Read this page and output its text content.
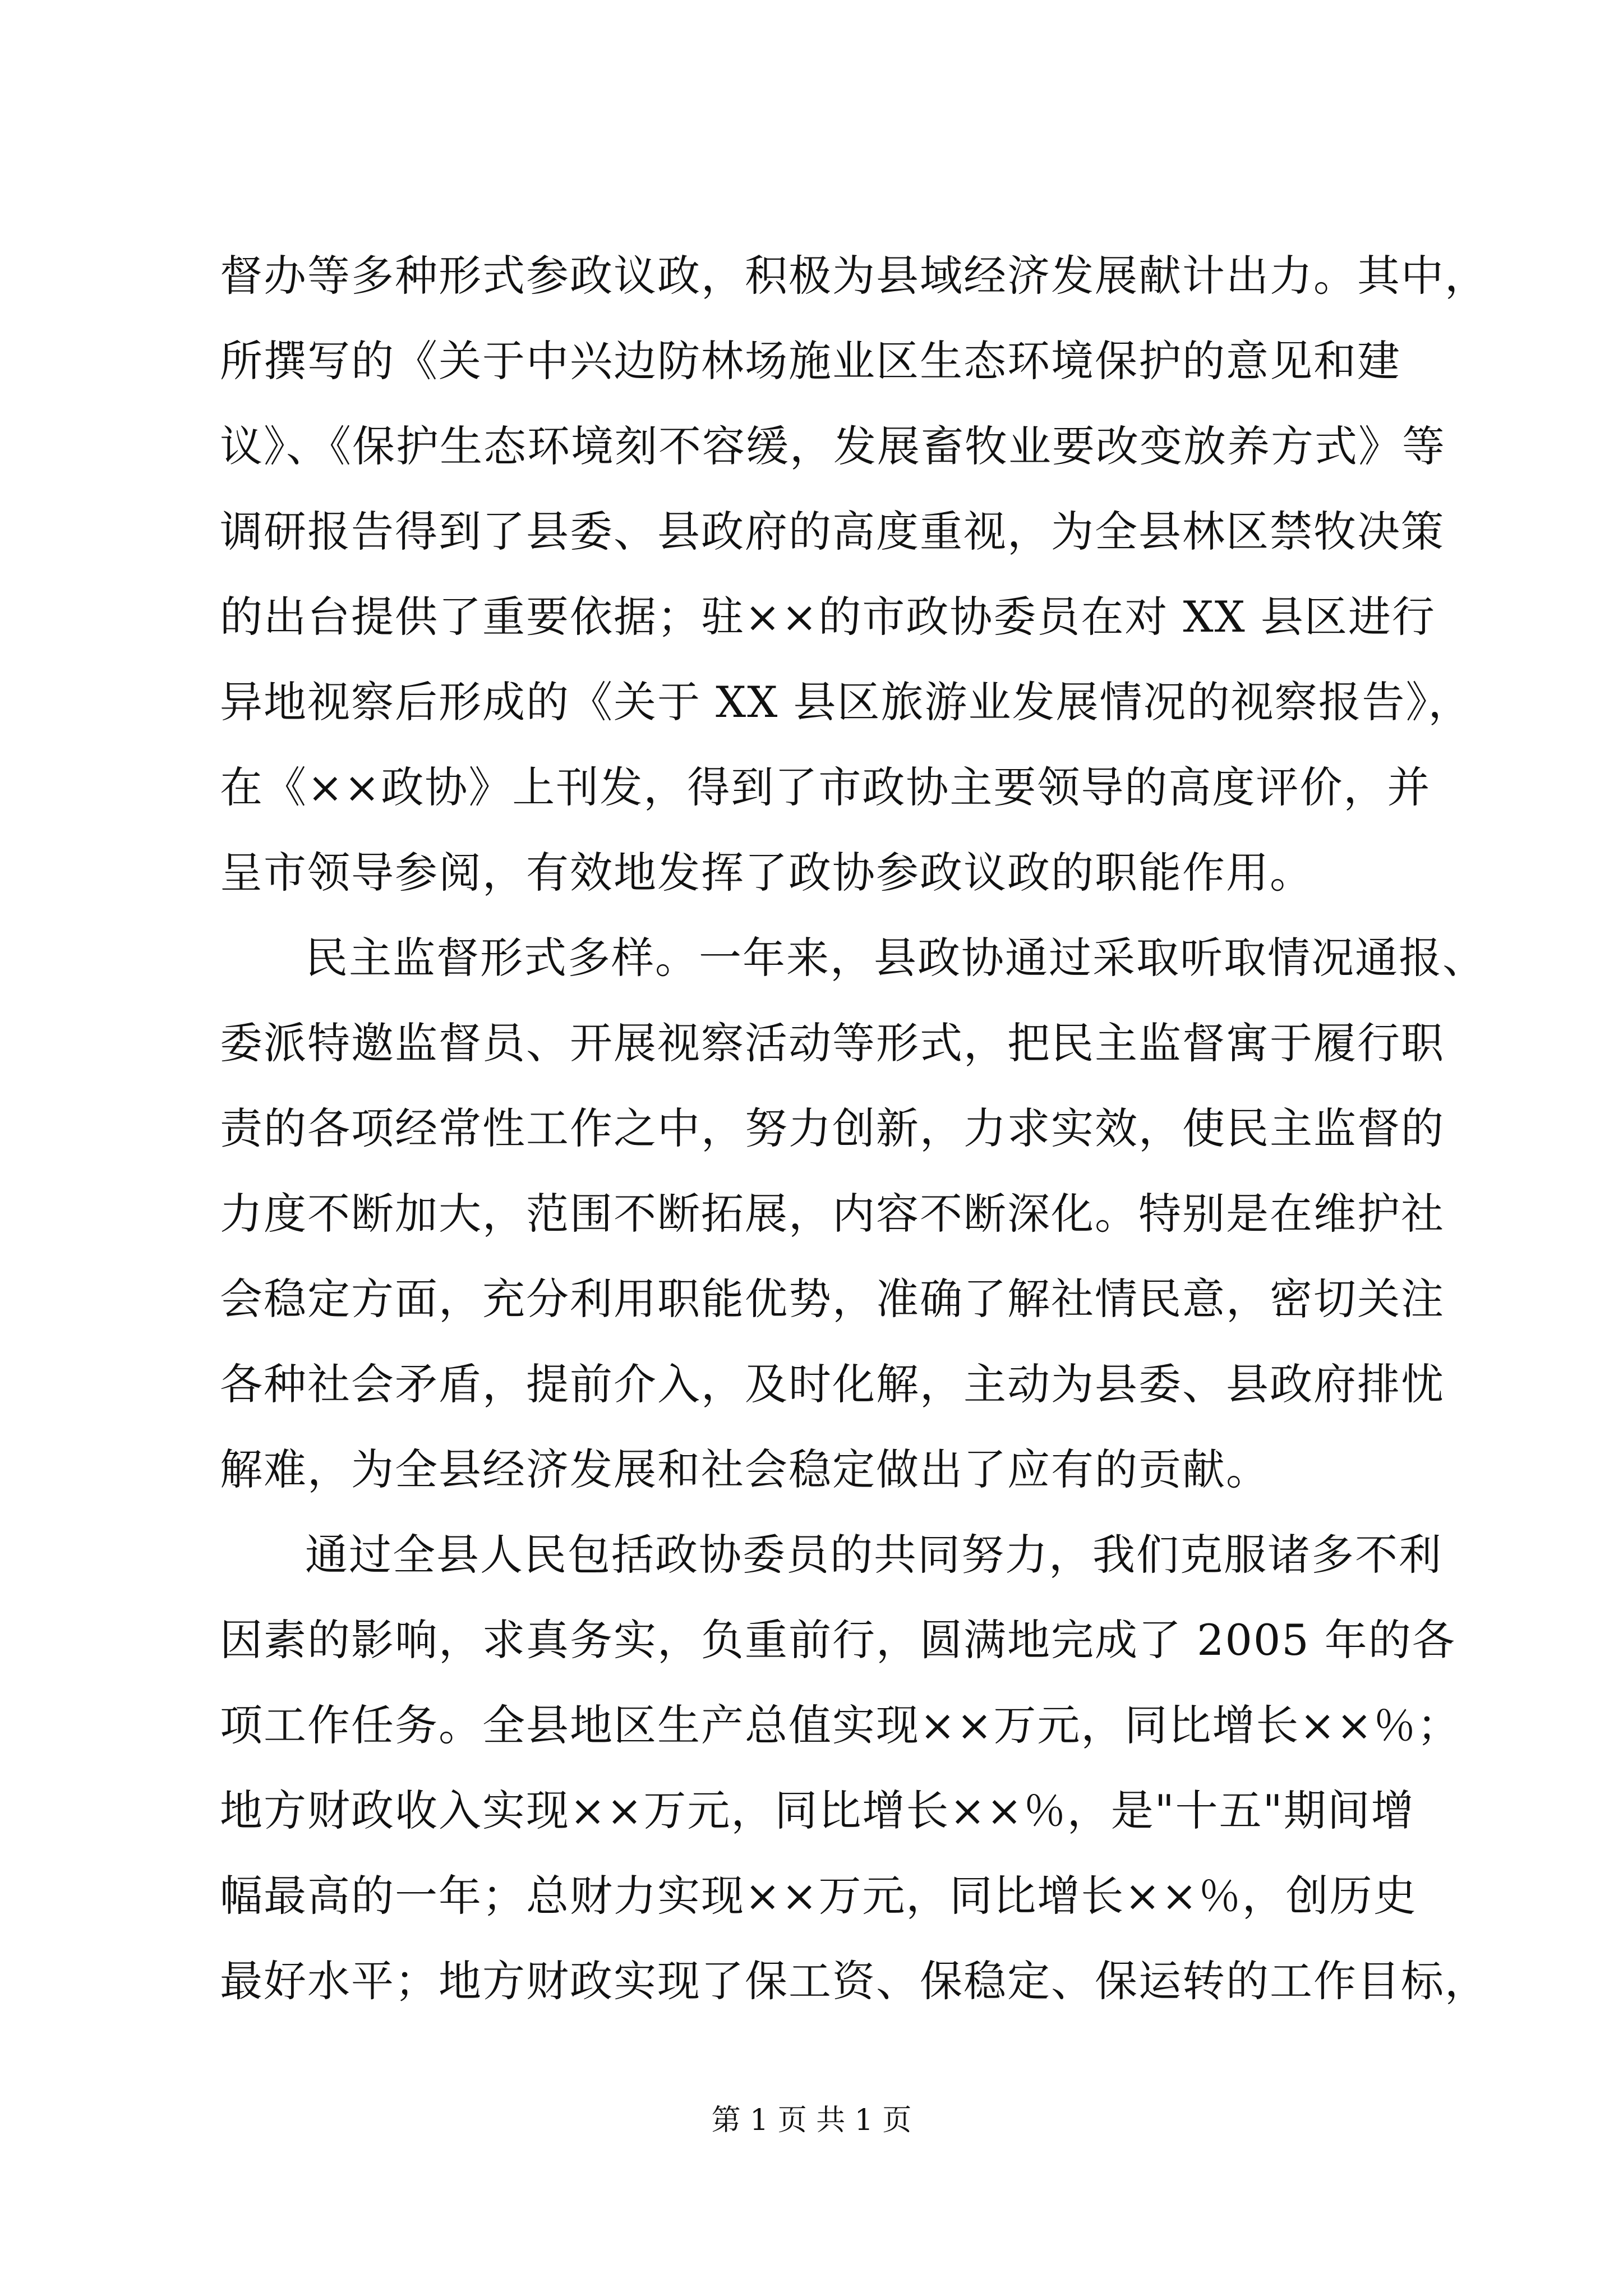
督办等多种形式参政议政，积极为县域经济发展献计出力。其中，
所撰写的《关于中兴边防林场施业区生态环境保护的意见和建
议》、《保护生态环境刻不容缓，发展畜牧业要改变放养方式》等
调研报告得到了县委、县政府的高度重视，为全县林区禁牧决策
的出台提供了重要依据；驻××的市政协委员在对 XX 县区进行
异地视察后形成的《关于 XX 县区旅游业发展情况的视察报告》，
在《××政协》上刊发，得到了市政协主要领导的高度评价，并
呈市领导参阅，有效地发挥了政协参政议政的职能作用。
民主监督形式多样。一年来，县政协通过采取听取情况通报、
委派特邀监督员、开展视察活动等形式，把民主监督寓于履行职
责的各项经常性工作之中，努力创新，力求实效，使民主监督的
力度不断加大，范围不断拓展，内容不断深化。特别是在维护社
会稳定方面，充分利用职能优势，准确了解社情民意，密切关注
各种社会矛盾，提前介入，及时化解，主动为县委、县政府排忧
解难，为全县经济发展和社会稳定做出了应有的贡献。
通过全县人民包括政协委员的共同努力，我们克服诸多不利
因素的影响，求真务实，负重前行，圆满地完成了 2005 年的各
项工作任务。全县地区生产总值实现××万元，同比增长××％；
地方财政收入实现××万元，同比增长××％，是"十五"期间增
幅最高的一年；总财力实现××万元，同比增长××％，创历史
最好水平；地方财政实现了保工资、保稳定、保运转的工作目标，
第 1 页 共 1 页
